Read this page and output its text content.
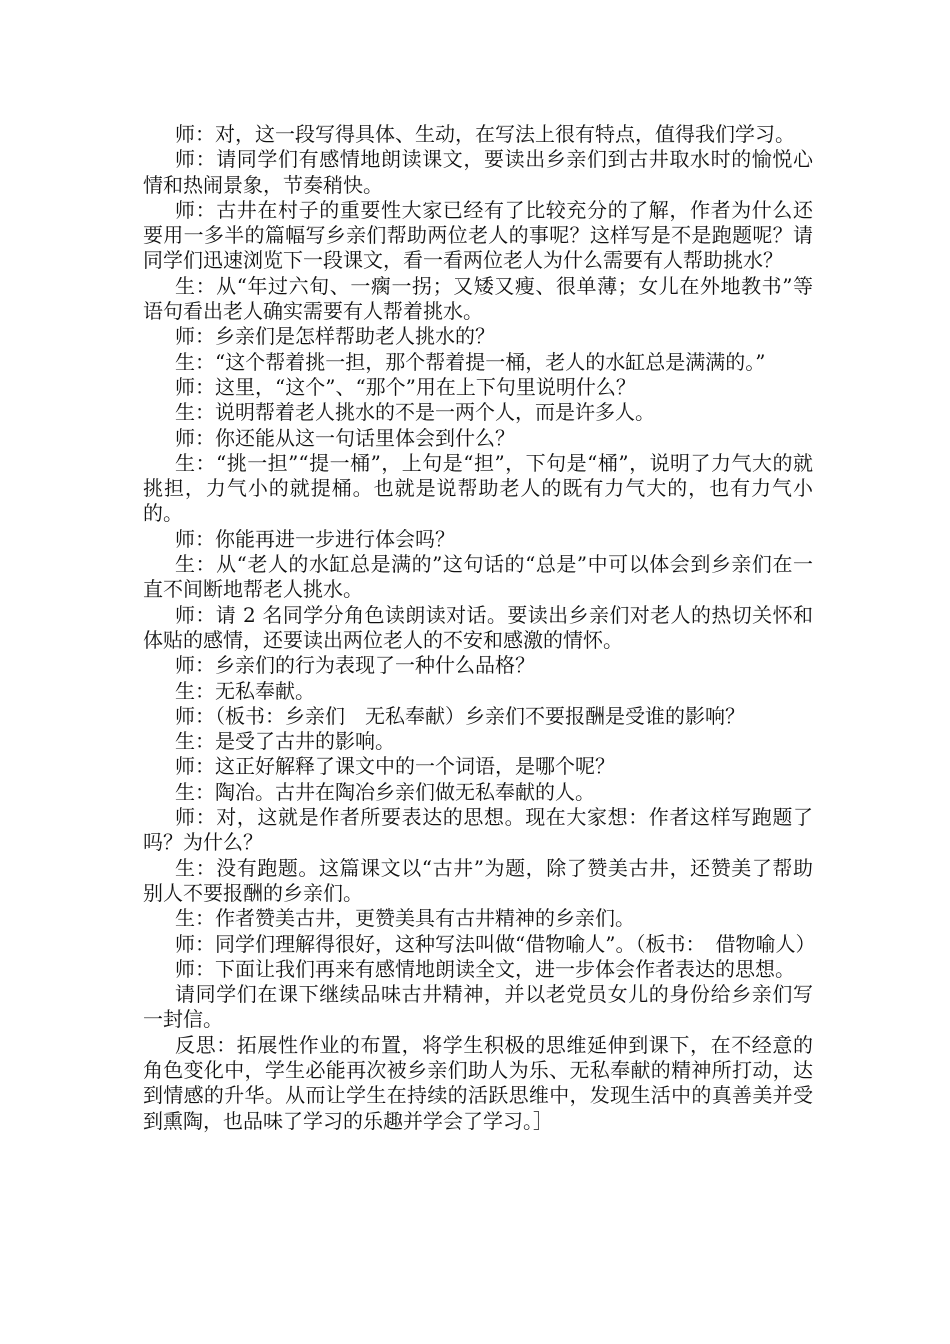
师：对，这一段写得具体、生动，在写法上很有特点，值得我们学习。

师：请同学们有感情地朗读课文，要读出乡亲们到古井取水时的愉悦心情和热闹景象，节奏稍快。

师：古井在村子的重要性大家已经有了比较充分的了解，作者为什么还要用一多半的篇幅写乡亲们帮助两位老人的事呢？这样写是不是跑题呢？请同学们迅速浏览下一段课文，看一看两位老人为什么需要有人帮助挑水？

生：从“年过六旬、一瘸一拐；又矮又瘦、很单薄；女儿在外地教书”等语句看出老人确实需要有人帮着挑水。

师：乡亲们是怎样帮助老人挑水的？

生：“这个帮着挑一担，那个帮着提一桶，老人的水缸总是满满的。”

师：这里，“这个”、“那个”用在上下句里说明什么？

生：说明帮着老人挑水的不是一两个人，而是许多人。

师：你还能从这一句话里体会到什么？

生：“挑一担”“提一桶”，上句是“担”，下句是“桶”，说明了力气大的就挑担，力气小的就提桶。也就是说帮助老人的既有力气大的，也有力气小的。

师：你能再进一步进行体会吗？

生：从“老人的水缸总是满的”这句话的“总是”中可以体会到乡亲们在一直不间断地帮老人挑水。

师：请 2 名同学分角色读朗读对话。要读出乡亲们对老人的热切关怀和体贴的感情，还要读出两位老人的不安和感激的情怀。

师：乡亲们的行为表现了一种什么品格？

生：无私奉献。

师：（板书：乡亲们　无私奉献）乡亲们不要报酬是受谁的影响？

生：是受了古井的影响。

师：这正好解释了课文中的一个词语，是哪个呢？

生：陶冶。古井在陶冶乡亲们做无私奉献的人。

师：对，这就是作者所要表达的思想。现在大家想：作者这样写跑题了吗？为什么？

生：没有跑题。这篇课文以“古井”为题，除了赞美古井，还赞美了帮助别人不要报酬的乡亲们。

生：作者赞美古井，更赞美具有古井精神的乡亲们。

师：同学们理解得很好，这种写法叫做“借物喻人”。（板书：　借物喻人）

师：下面让我们再来有感情地朗读全文，进一步体会作者表达的思想。

请同学们在课下继续品味古井精神，并以老党员女儿的身份给乡亲们写一封信。

反思：拓展性作业的布置，将学生积极的思维延伸到课下，在不经意的角色变化中，学生必能再次被乡亲们助人为乐、无私奉献的精神所打动，达到情感的升华。从而让学生在持续的活跃思维中，发现生活中的真善美并受到熏陶，也品味了学习的乐趣并学会了学习。］
